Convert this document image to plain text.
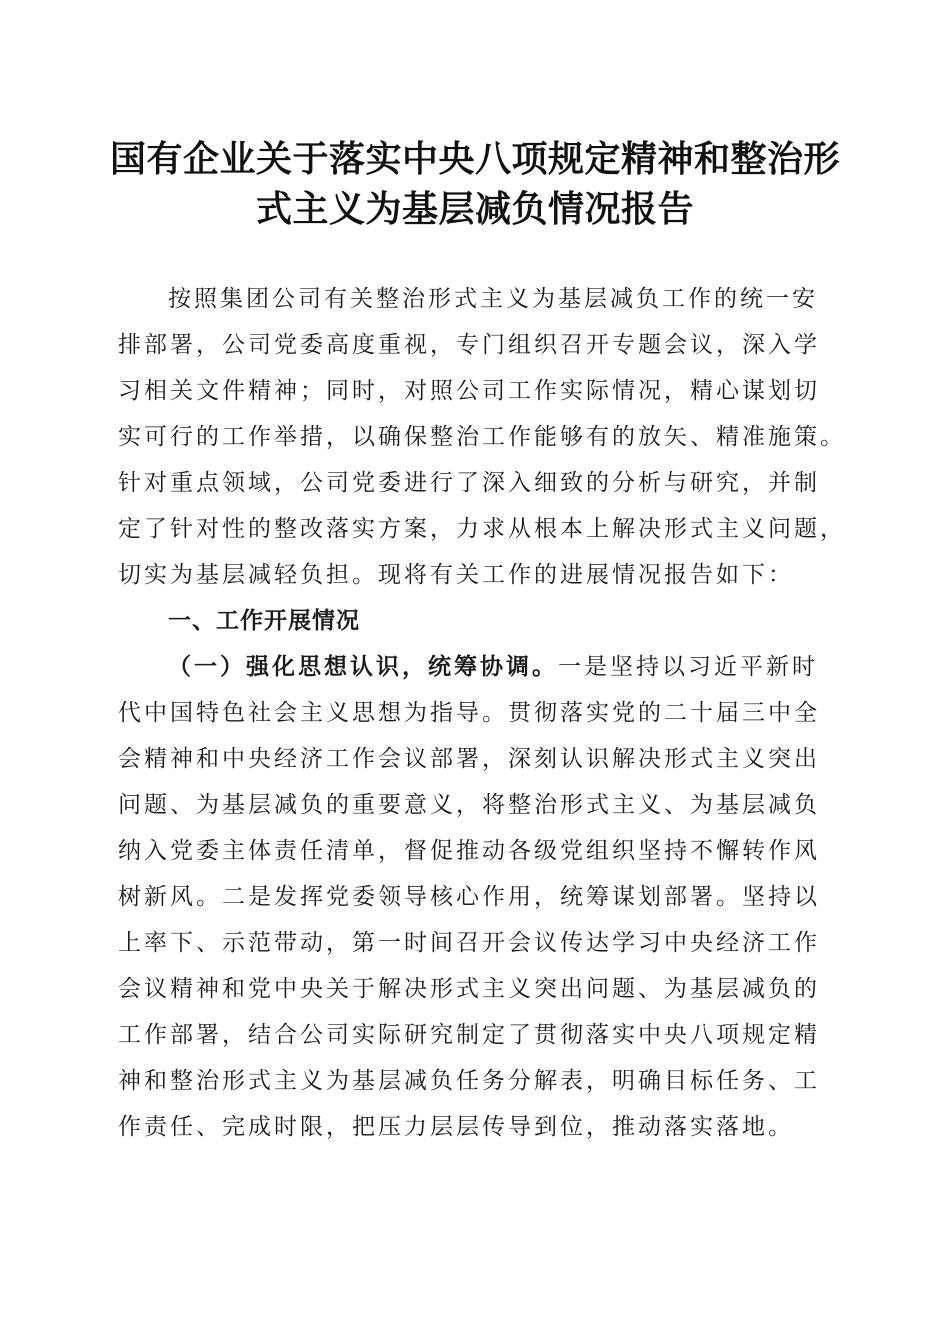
国有企业关于落实中央八项规定精神和整治形
式主义为基层减负情况报告
按照集团公司有关整治形式主义为基层减负工作的统一安
排部署，公司党委高度重视，专门组织召开专题会议，深入学
习相关文件精神；同时，对照公司工作实际情况，精心谋划切
实可行的工作举措，以确保整治工作能够有的放矢、精准施策。
针对重点领域，公司党委进行了深入细致的分析与研究，并制
定了针对性的整改落实方案，力求从根本上解决形式主义问题，
切实为基层减轻负担。现将有关工作的进展情况报告如下：
一、工作开展情况
（一）强化思想认识，统筹协调。一是坚持以习近平新时
代中国特色社会主义思想为指导。贯彻落实党的二十届三中全
会精神和中央经济工作会议部署，深刻认识解决形式主义突出
问题、为基层减负的重要意义，将整治形式主义、为基层减负
纳入党委主体责任清单，督促推动各级党组织坚持不懈转作风
树新风。二是发挥党委领导核心作用，统筹谋划部署。坚持以
上率下、示范带动，第一时间召开会议传达学习中央经济工作
会议精神和党中央关于解决形式主义突出问题、为基层减负的
工作部署，结合公司实际研究制定了贯彻落实中央八项规定精
神和整治形式主义为基层减负任务分解表，明确目标任务、工
作责任、完成时限，把压力层层传导到位，推动落实落地。
